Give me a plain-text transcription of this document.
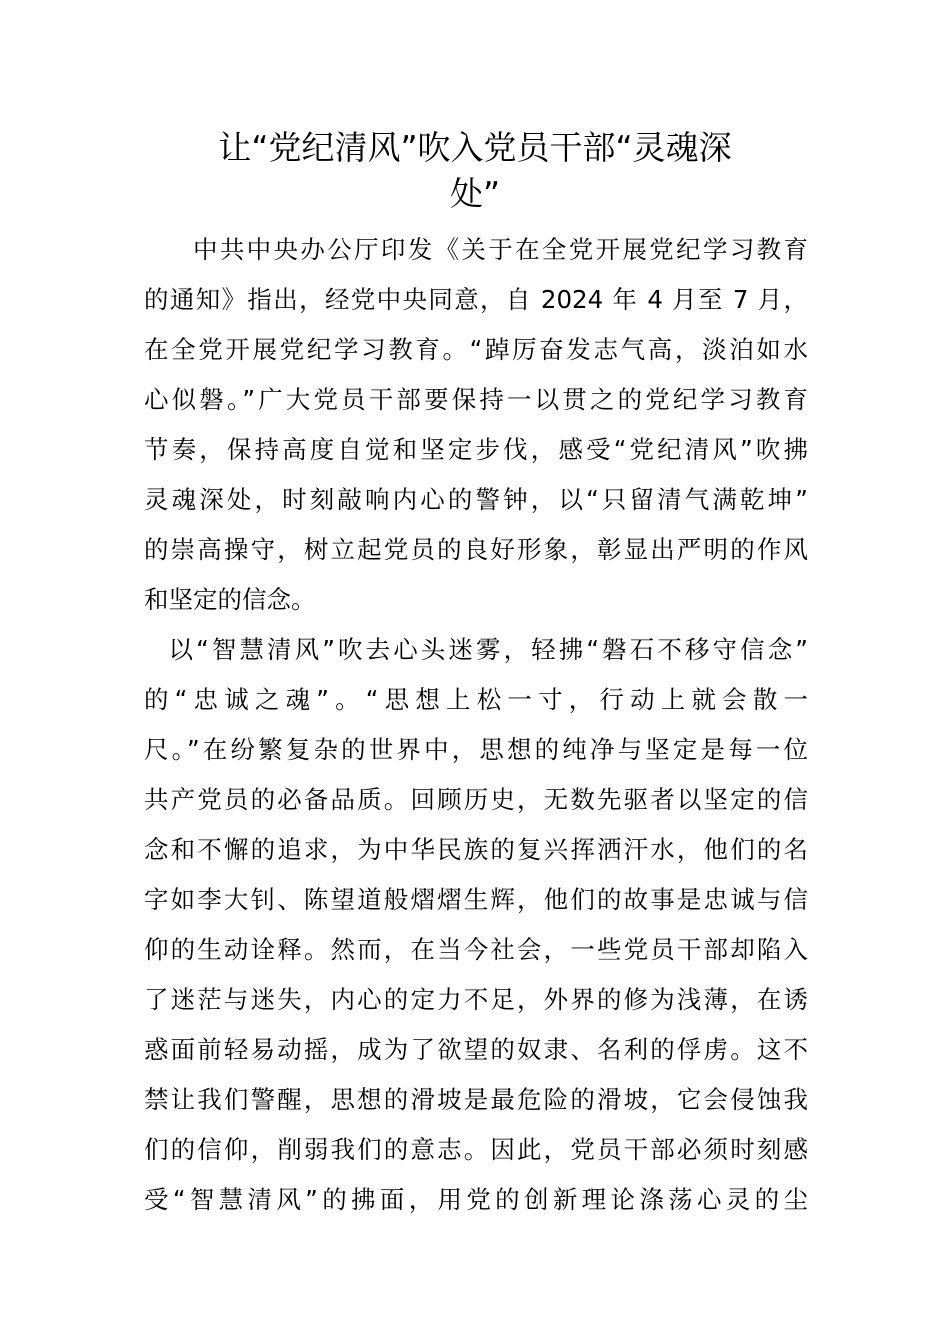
让“党纪清风”吹入党员干部“灵魂深
处”
中共中央办公厅印发《关于在全党开展党纪学习教育
的通知》指出，经党中央同意，自 2024 年 4 月至 7 月，
在全党开展党纪学习教育。“踔厉奋发志气高，淡泊如水
心似磐。”广大党员干部要保持一以贯之的党纪学习教育
节奏，保持高度自觉和坚定步伐，感受“党纪清风”吹拂
灵魂深处，时刻敲响内心的警钟，以“只留清气满乾坤”
的崇高操守，树立起党员的良好形象，彰显出严明的作风
和坚定的信念。
以“智慧清风”吹去心头迷雾，轻拂“磐石不移守信念”
的“忠诚之魂”。“思想上松一寸，行动上就会散一
尺。”在纷繁复杂的世界中，思想的纯净与坚定是每一位
共产党员的必备品质。回顾历史，无数先驱者以坚定的信
念和不懈的追求，为中华民族的复兴挥洒汗水，他们的名
字如李大钊、陈望道般熠熠生辉，他们的故事是忠诚与信
仰的生动诠释。然而，在当今社会，一些党员干部却陷入
了迷茫与迷失，内心的定力不足，外界的修为浅薄，在诱
惑面前轻易动摇，成为了欲望的奴隶、名利的俘虏。这不
禁让我们警醒，思想的滑坡是最危险的滑坡，它会侵蚀我
们的信仰，削弱我们的意志。因此，党员干部必须时刻感
受“智慧清风”的拂面，用党的创新理论涤荡心灵的尘
